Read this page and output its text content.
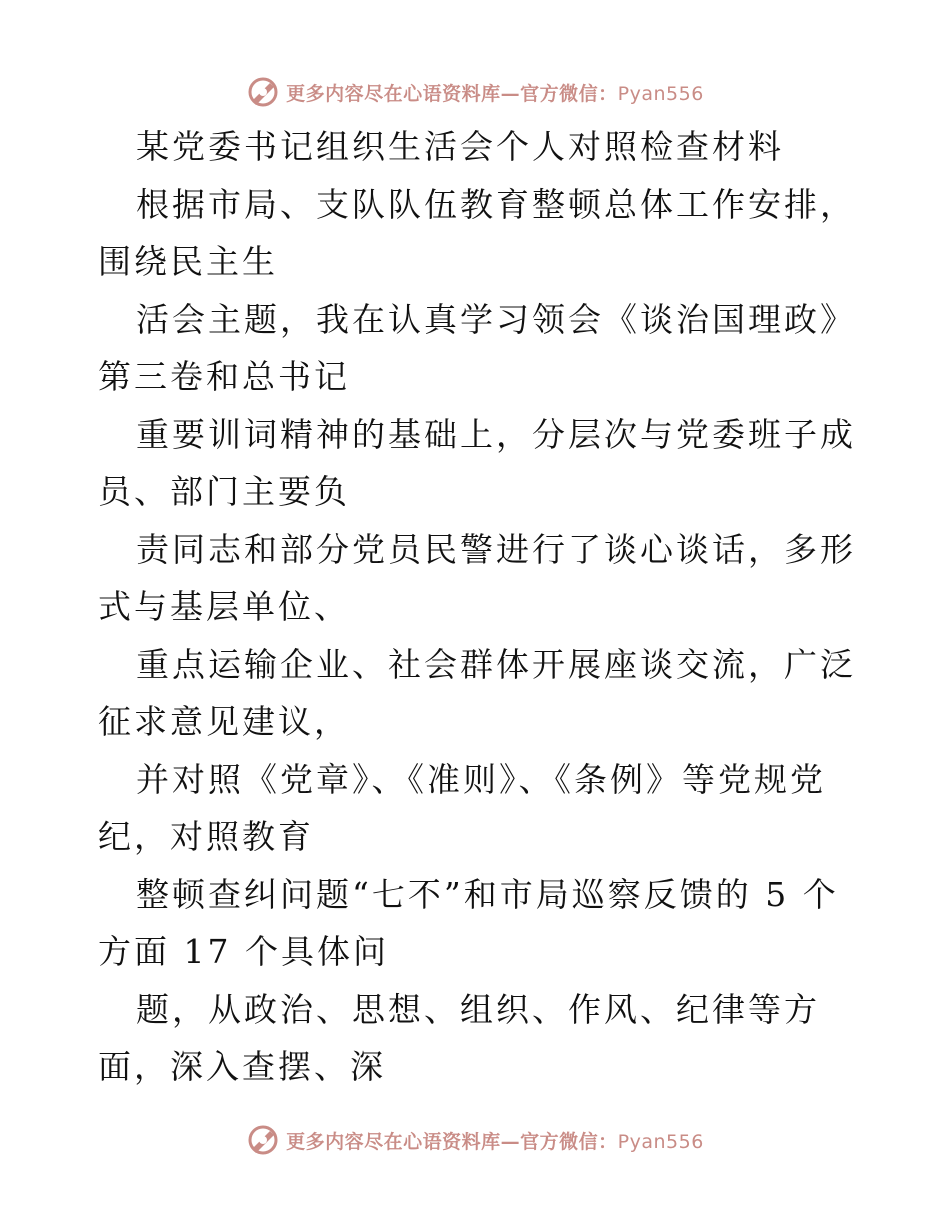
更多内容尽在心语资料库—官方微信：Pyan556

某党委书记组织生活会个人对照检查材料

根据市局、支队队伍教育整顿总体工作安排，围绕民主生

活会主题，我在认真学习领会《谈治国理政》第三卷和总书记

重要训词精神的基础上，分层次与党委班子成员、部门主要负

责同志和部分党员民警进行了谈心谈话，多形式与基层单位、

重点运输企业、社会群体开展座谈交流，广泛征求意见建议，

并对照《党章》、《准则》、《条例》等党规党纪，对照教育

整顿查纠问题“七不”和市局巡察反馈的 5 个方面 17 个具体问

题，从政治、思想、组织、作风、纪律等方面，深入查摆、深

更多内容尽在心语资料库—官方微信：Pyan556
